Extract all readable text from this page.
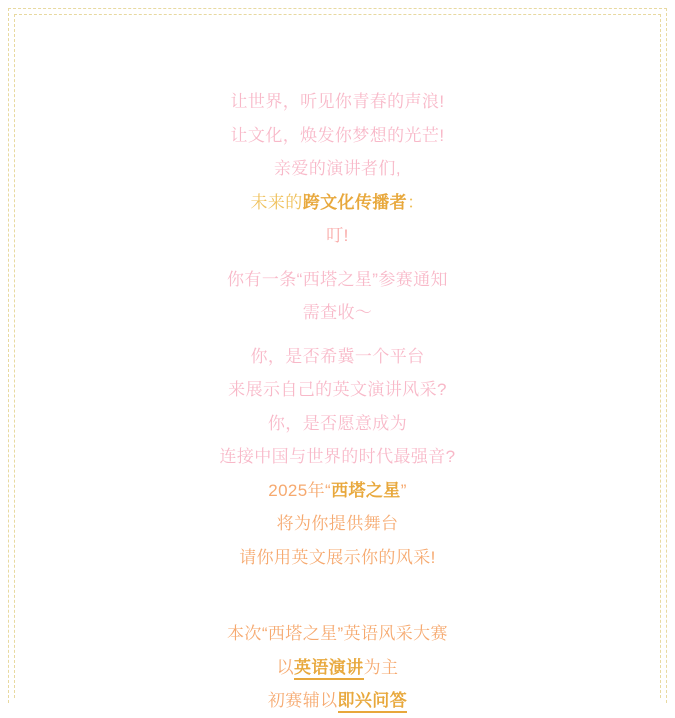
让世界，听见你青春的声浪!
让文化，焕发你梦想的光芒!
亲爱的演讲者们,
未来的跨文化传播者：
叮!
你有一条“西塔之星”参赛通知
需查收～
你，是否希冀一个平台
来展示自己的英文演讲风采?
你，是否愿意成为
连接中国与世界的时代最强音?
2025年“西塔之星”
将为你提供舞台
请你用英文展示你的风采!
本次“西塔之星”英语风采大赛
以英语演讲为主
初赛辅以即兴问答
